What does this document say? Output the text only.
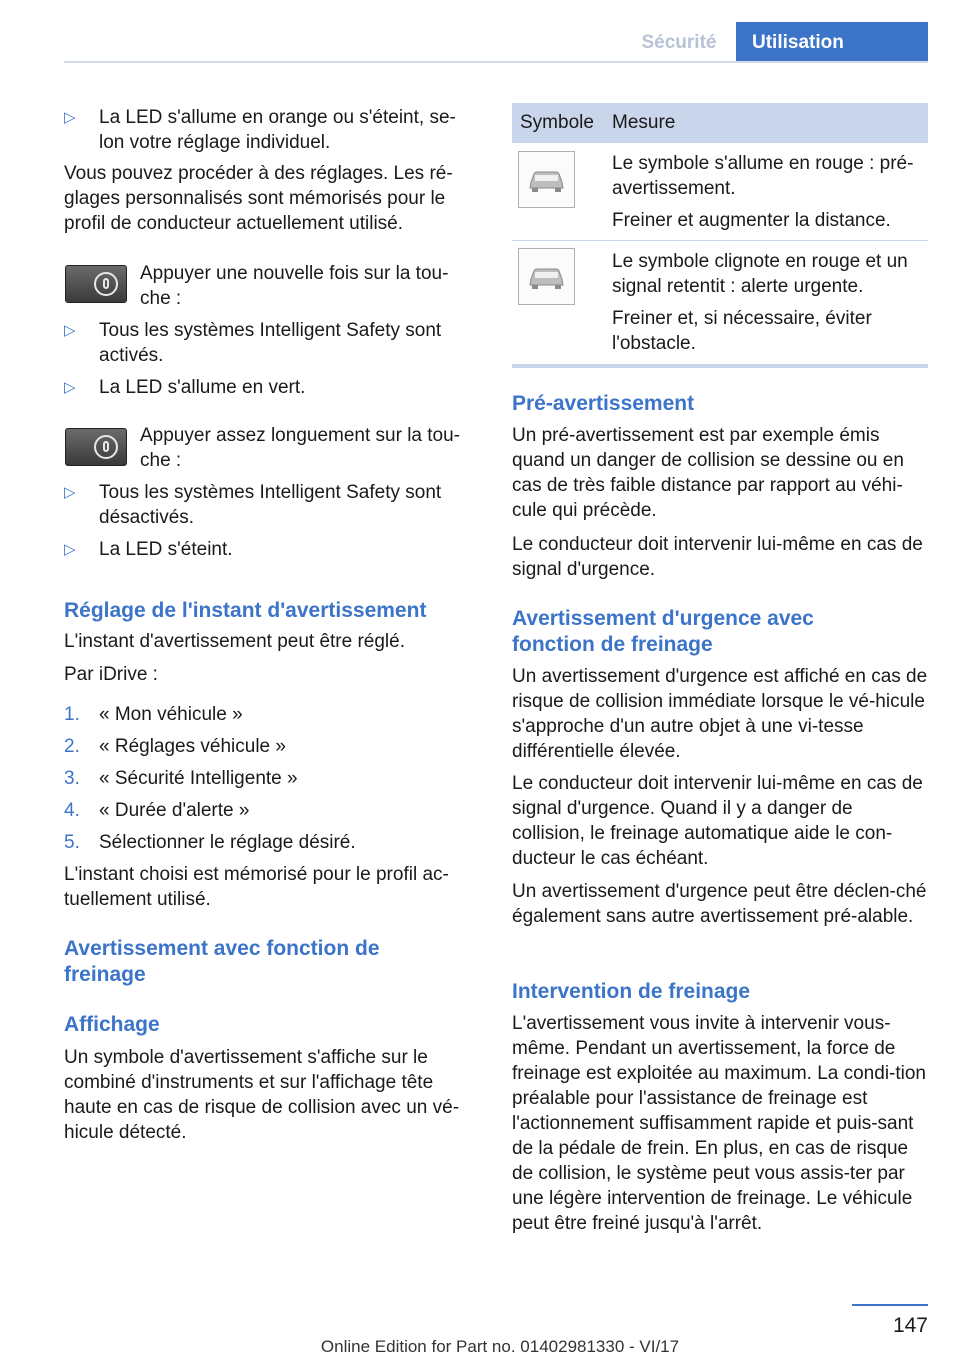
Sécurité	Utilisation
▷ La LED s'allume en orange ou s'éteint, se-lon votre réglage individuel.

Vous pouvez procéder à des réglages. Les ré-glages personnalisés sont mémorisés pour le profil de conducteur actuellement utilisé.

Appuyer une nouvelle fois sur la tou-che :
▷ Tous les systèmes Intelligent Safety sont activés.
▷ La LED s'allume en vert.
Appuyer assez longuement sur la tou-che :
▷ Tous les systèmes Intelligent Safety sont désactivés.
▷ La LED s'éteint.

Réglage de l'instant d'avertissement

L'instant d'avertissement peut être réglé.

Par iDrive :

1. « Mon véhicule »
2. « Réglages véhicule »
3. « Sécurité Intelligente »
4. « Durée d'alerte »
5. Sélectionner le réglage désiré.

L'instant choisi est mémorisé pour le profil ac-tuellement utilisé.

Avertissement avec fonction de freinage

Affichage

Un symbole d'avertissement s'affiche sur le combiné d'instruments et sur l'affichage tête haute en cas de risque de collision avec un vé-hicule détecté.

Symbole Mesure
Le symbole s'allume en rouge : pré-avertissement.
Freiner et augmenter la distance.
Le symbole clignote en rouge et un signal retentit : alerte urgente.
Freiner et, si nécessaire, éviter l'obstacle.

Pré-avertissement

Un pré-avertissement est par exemple émis quand un danger de collision se dessine ou en cas de très faible distance par rapport au véhi-cule qui précède.

Le conducteur doit intervenir lui-même en cas de signal d'urgence.

Avertissement d'urgence avec fonction de freinage

Un avertissement d'urgence est affiché en cas de risque de collision immédiate lorsque le vé-hicule s'approche d'un autre objet à une vi-tesse différentielle élevée.

Le conducteur doit intervenir lui-même en cas de signal d'urgence. Quand il y a danger de collision, le freinage automatique aide le con-ducteur le cas échéant.

Un avertissement d'urgence peut être déclen-ché également sans autre avertissement pré-alable.

Intervention de freinage

L'avertissement vous invite à intervenir vous-même. Pendant un avertissement, la force de freinage est exploitée au maximum. La condi-tion préalable pour l'assistance de freinage est l'actionnement suffisamment rapide et puis-sant de la pédale de frein. En plus, en cas de risque de collision, le système peut vous assis-ter par une légère intervention de freinage. Le véhicule peut être freiné jusqu'à l'arrêt.

147
Online Edition for Part no. 01402981330 - VI/17
